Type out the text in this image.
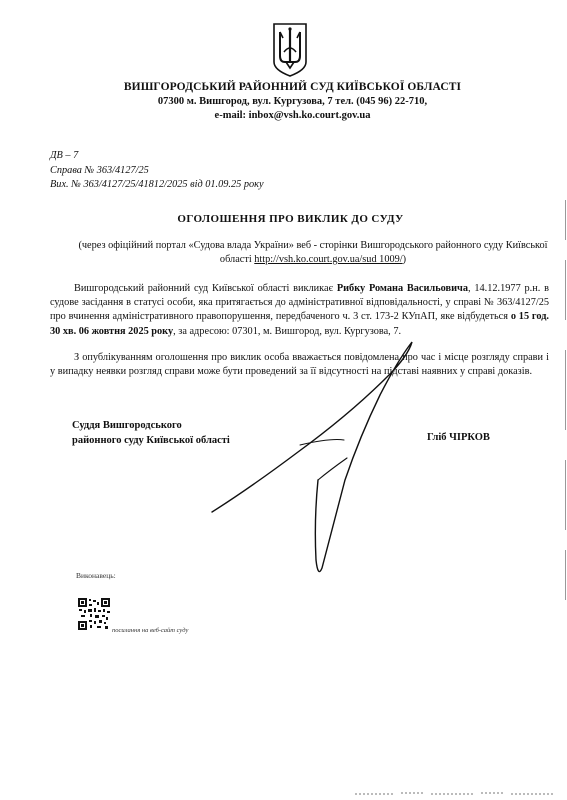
ВИШГОРОДСЬКИЙ РАЙОННИЙ СУД КИЇВСЬКОЇ ОБЛАСТІ
07300 м. Вишгород, вул. Кургузова, 7 тел. (045 96) 22-710,
e-mail: inbox@vsh.ko.court.gov.ua
ДВ – 7
Справа № 363/4127/25
Вих. № 363/4127/25/41812/2025 від 01.09.25 року
ОГОЛОШЕННЯ ПРО ВИКЛИК ДО СУДУ
(через офіційний портал «Судова влада України» веб - сторінки Вишгородського районного суду Київської області http://vsh.ko.court.gov.ua/sud 1009/)
Вишгородський районний суд Київської області викликає Рибку Романа Васильовича, 14.12.1977 р.н. в судове засідання в статусі особи, яка притягається до адміністративної відповідальності, у справі № 363/4127/25 про вчинення адміністративного правопорушення, передбаченого ч. 3 ст. 173-2 КУпАП, яке відбудеться о 15 год. 30 хв. 06 жовтня 2025 року, за адресою: 07301, м. Вишгород, вул. Кургузова, 7.
З опублікуванням оголошення про виклик особа вважається повідомлена про час і місце розгляду справи і у випадку неявки розгляд справи може бути проведений за її відсутності на підставі наявних у справі доказів.
Суддя Вишгородського
районного суду Київської області	Гліб ЧІРКОВ
Виконавець:
посилання на веб-сайт суду
